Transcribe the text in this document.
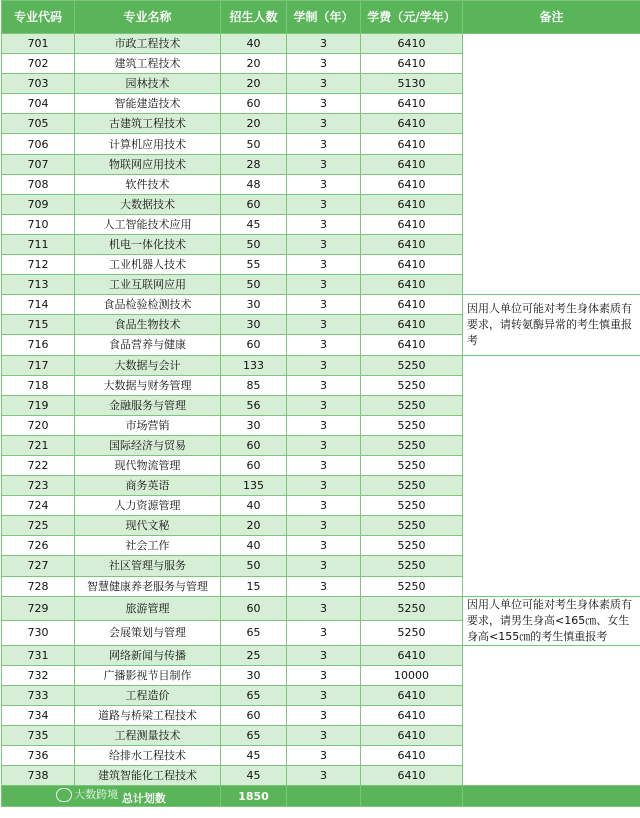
专业代码	专业名称	招生人数	学制（年）	学费（元/学年）	备注
701	市政工程技术	40	3	6410	
702	建筑工程技术	20	3	6410	
703	园林技术	20	3	5130	
704	智能建造技术	60	3	6410	
705	古建筑工程技术	20	3	6410	
706	计算机应用技术	50	3	6410	
707	物联网应用技术	28	3	6410	
708	软件技术	48	3	6410	
709	大数据技术	60	3	6410	
710	人工智能技术应用	45	3	6410	
711	机电一体化技术	50	3	6410	
712	工业机器人技术	55	3	6410	
713	工业互联网应用	50	3	6410	
714	食品检验检测技术	30	3	6410	因用人单位可能对考生身体素质有要求，请转氨酶异常的考生慎重报考
715	食品生物技术	30	3	6410	
716	食品营养与健康	60	3	6410	
717	大数据与会计	133	3	5250	
718	大数据与财务管理	85	3	5250	
719	金融服务与管理	56	3	5250	
720	市场营销	30	3	5250	
721	国际经济与贸易	60	3	5250	
722	现代物流管理	60	3	5250	
723	商务英语	135	3	5250	
724	人力资源管理	40	3	5250	
725	现代文秘	20	3	5250	
726	社会工作	40	3	5250	
727	社区管理与服务	50	3	5250	
728	智慧健康养老服务与管理	15	3	5250	
729	旅游管理	60	3	5250	因用人单位可能对考生身体素质有要求，请男生身高<165㎝、女生身高<155㎝的考生慎重报考
730	会展策划与管理	65	3	5250	
731	网络新闻与传播	25	3	6410	
732	广播影视节目制作	30	3	10000	
733	工程造价	65	3	6410	
734	道路与桥梁工程技术	60	3	6410	
735	工程测量技术	65	3	6410	
736	给排水工程技术	45	3	6410	
738	建筑智能化工程技术	45	3	6410	

大数跨境 总计划数		1850			
